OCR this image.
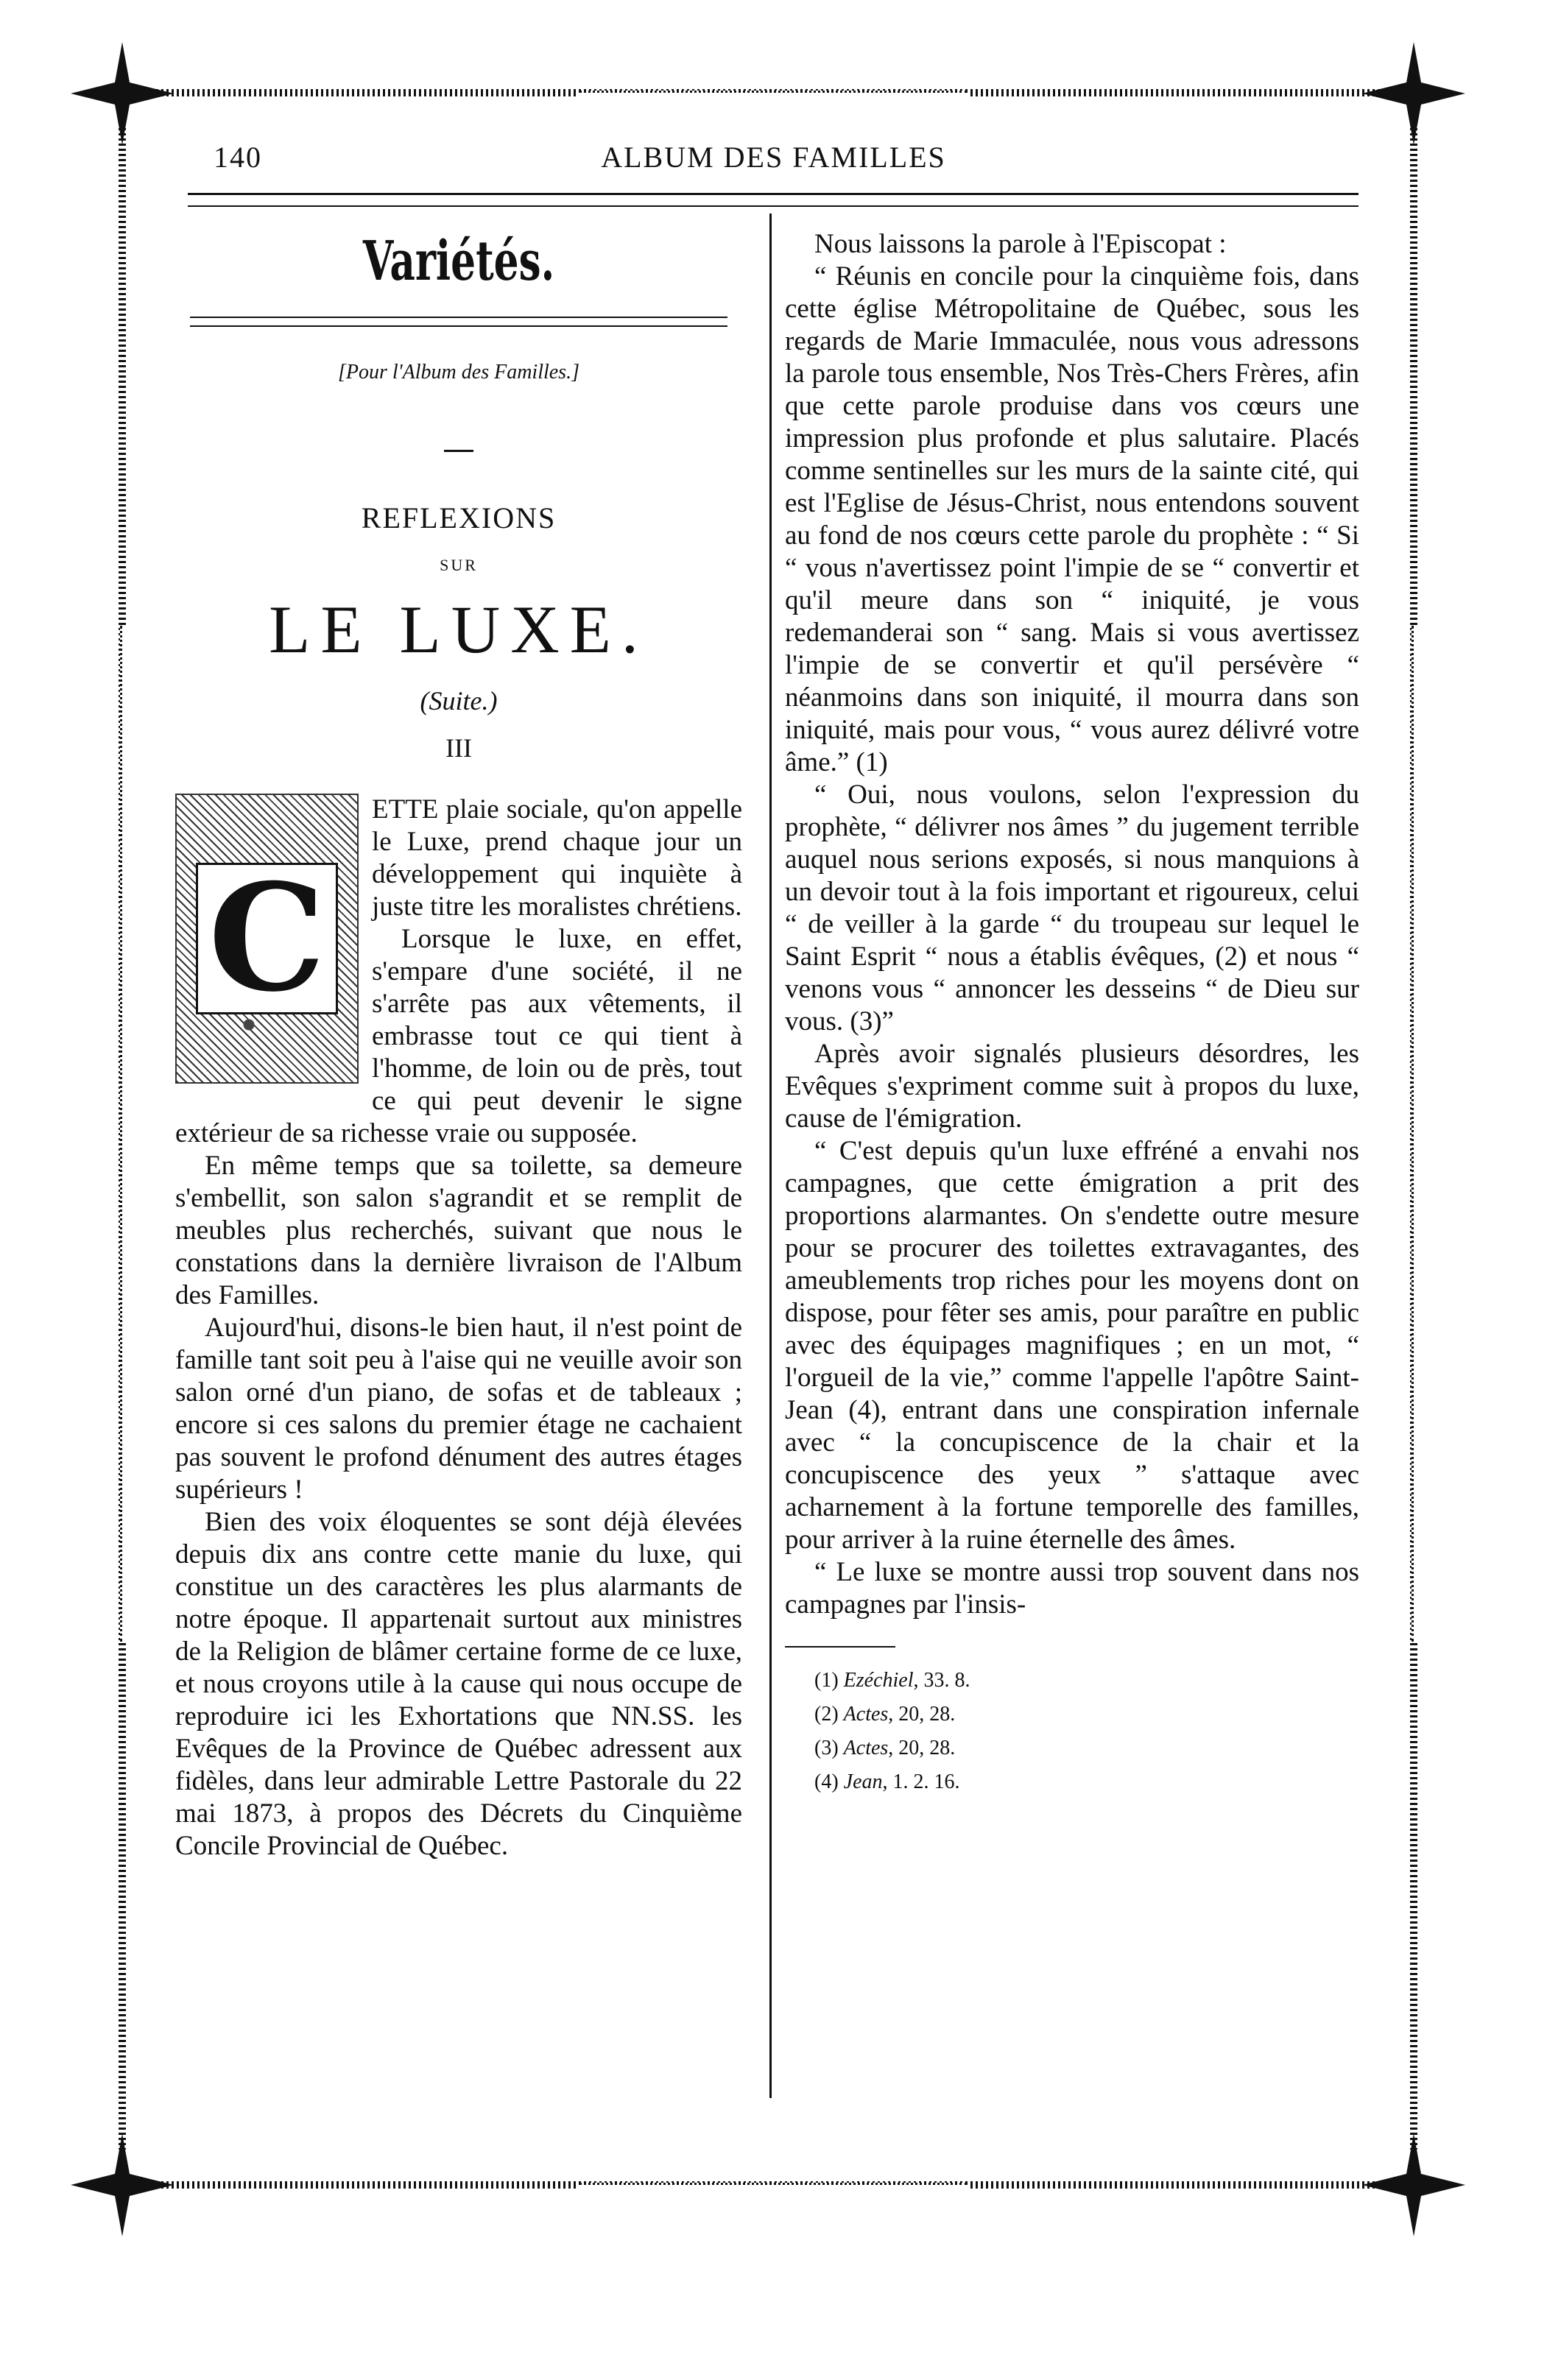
140	ALBUM DES FAMILLES
Variétés.
[Pour l'Album des Familles.]
REFLEXIONS
SUR
LE LUXE.
(Suite.)
III
C

ETTE plaie sociale, qu'on appelle le Luxe, prend chaque jour un développement qui inquiète à juste titre les moralistes chrétiens.

Lorsque le luxe, en effet, s'empare d'une société, il ne s'arrête pas aux vêtements, il embrasse tout ce qui tient à l'homme, de loin ou de près, tout ce qui peut devenir le signe extérieur de sa richesse vraie ou supposée.

En même temps que sa toilette, sa demeure s'embellit, son salon s'agrandit et se remplit de meubles plus recherchés, suivant que nous le constations dans la dernière livraison de l'Album des Familles.

Aujourd'hui, disons-le bien haut, il n'est point de famille tant soit peu à l'aise qui ne veuille avoir son salon orné d'un piano, de sofas et de tableaux ; encore si ces salons du premier étage ne cachaient pas souvent le profond dénument des autres étages supérieurs !

Bien des voix éloquentes se sont déjà élevées depuis dix ans contre cette manie du luxe, qui constitue un des caractères les plus alarmants de notre époque. Il appartenait surtout aux ministres de la Religion de blâmer certaine forme de ce luxe, et nous croyons utile à la cause qui nous occupe de reproduire ici les Exhortations que NN.SS. les Evêques de la Province de Québec adressent aux fidèles, dans leur admirable Lettre Pastorale du 22 mai 1873, à propos des Décrets du Cinquième Concile Provincial de Québec.

Nous laissons la parole à l'Episcopat :

“ Réunis en concile pour la cinquième fois, dans cette église Métropolitaine de Québec, sous les regards de Marie Immaculée, nous vous adressons la parole tous ensemble, Nos Très-Chers Frères, afin que cette parole produise dans vos cœurs une impression plus profonde et plus salutaire. Placés comme sentinelles sur les murs de la sainte cité, qui est l'Eglise de Jésus-Christ, nous entendons souvent au fond de nos cœurs cette parole du prophète : “ Si “ vous n'avertissez point l'impie de se “ convertir et qu'il meure dans son “ iniquité, je vous redemanderai son “ sang. Mais si vous avertissez l'impie de se convertir et qu'il persévère “ néanmoins dans son iniquité, il mourra dans son iniquité, mais pour vous, “ vous aurez délivré votre âme.” (1)

“ Oui, nous voulons, selon l'expression du prophète, “ délivrer nos âmes ” du jugement terrible auquel nous serions exposés, si nous manquions à un devoir tout à la fois important et rigoureux, celui “ de veiller à la garde “ du troupeau sur lequel le Saint Esprit “ nous a établis évêques, (2) et nous “ venons vous “ annoncer les desseins “ de Dieu sur vous. (3)”

Après avoir signalés plusieurs désordres, les Evêques s'expriment comme suit à propos du luxe, cause de l'émigration.

“ C'est depuis qu'un luxe effréné a envahi nos campagnes, que cette émigration a prit des proportions alarmantes. On s'endette outre mesure pour se procurer des toilettes extravagantes, des ameublements trop riches pour les moyens dont on dispose, pour fêter ses amis, pour paraître en public avec des équipages magnifiques ; en un mot, “ l'orgueil de la vie,” comme l'appelle l'apôtre Saint-Jean (4), entrant dans une conspiration infernale avec “ la concupiscence de la chair et la concupiscence des yeux ” s'attaque avec acharnement à la fortune temporelle des familles, pour arriver à la ruine éternelle des âmes.

“ Le luxe se montre aussi trop souvent dans nos campagnes par l'insis-

(1) Ezéchiel, 33. 8.
(2) Actes, 20, 28.
(3) Actes, 20, 28.
(4) Jean, 1. 2. 16.
